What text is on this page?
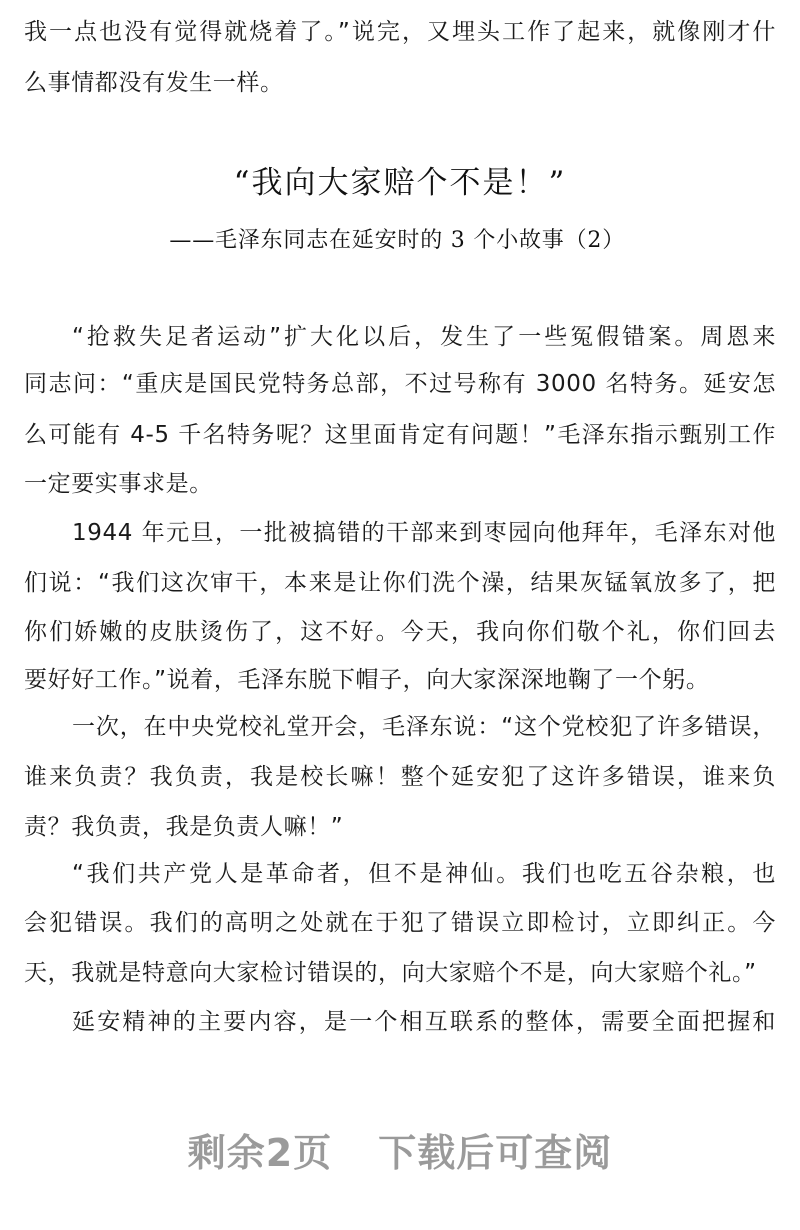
我一点也没有觉得就烧着了。”说完，又埋头工作了起来，就像刚才什
么事情都没有发生一样。
“我向大家赔个不是！”
——毛泽东同志在延安时的 3 个小故事（2）
“抢救失足者运动”扩大化以后，发生了一些冤假错案。周恩来
同志问：“重庆是国民党特务总部，不过号称有 3000 名特务。延安怎
么可能有 4-5 千名特务呢？这里面肯定有问题！”毛泽东指示甄别工作
一定要实事求是。
1944 年元旦，一批被搞错的干部来到枣园向他拜年，毛泽东对他
们说：“我们这次审干，本来是让你们洗个澡，结果灰锰氧放多了，把
你们娇嫩的皮肤烫伤了，这不好。今天，我向你们敬个礼，你们回去
要好好工作。”说着，毛泽东脱下帽子，向大家深深地鞠了一个躬。
一次，在中央党校礼堂开会，毛泽东说：“这个党校犯了许多错误，
谁来负责？我负责，我是校长嘛！整个延安犯了这许多错误，谁来负
责？我负责，我是负责人嘛！”
“我们共产党人是革命者，但不是神仙。我们也吃五谷杂粮，也
会犯错误。我们的高明之处就在于犯了错误立即检讨，立即纠正。今
天，我就是特意向大家检讨错误的，向大家赔个不是，向大家赔个礼。”
延安精神的主要内容，是一个相互联系的整体，需要全面把握和
剩余2页 下载后可查阅
